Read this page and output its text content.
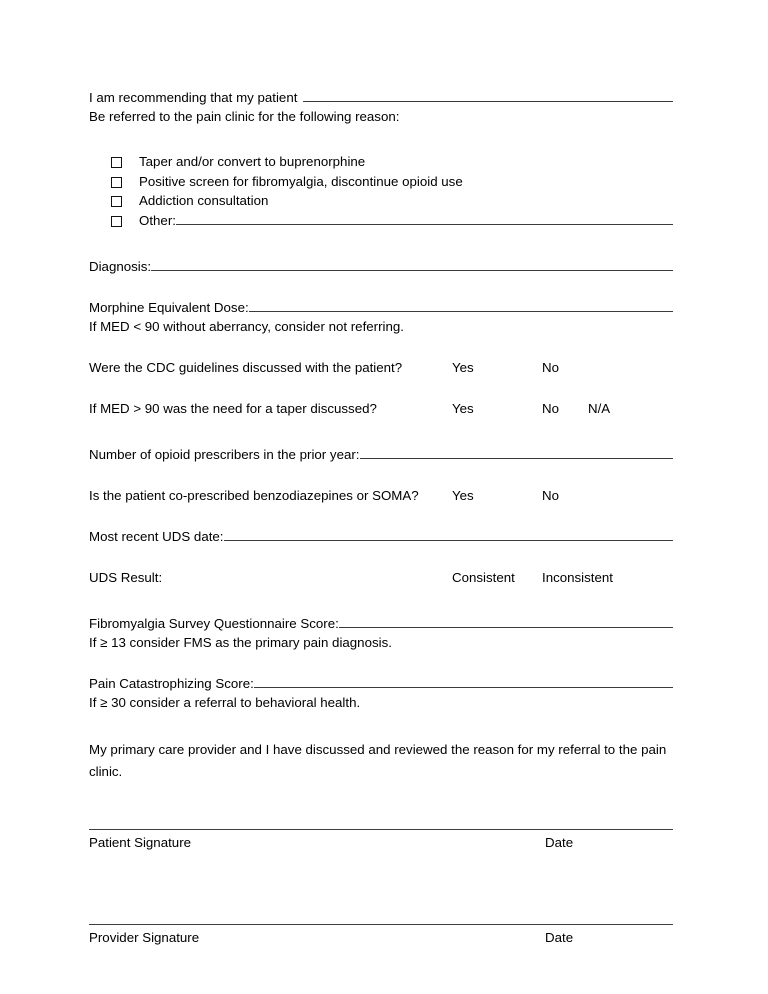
I am recommending that my patient
Be referred to the pain clinic for the following reason:
Taper and/or convert to buprenorphine
Positive screen for fibromyalgia, discontinue opioid use
Addiction consultation
Other:
Diagnosis:
Morphine Equivalent Dose:
If MED < 90 without aberrancy, consider not referring.
Were the CDC guidelines discussed with the patient?	Yes	No
If MED > 90 was the need for a taper discussed?	Yes	No N/A
Number of opioid prescribers in the prior year:
Is the patient co-prescribed benzodiazepines or SOMA?	Yes	No
Most recent UDS date:
UDS Result:	Consistent Inconsistent
Fibromyalgia Survey Questionnaire Score:
If ≥ 13 consider FMS as the primary pain diagnosis.
Pain Catastrophizing Score:
If ≥ 30 consider a referral to behavioral health.
My primary care provider and I have discussed and reviewed the reason for my referral to the pain clinic.
Patient Signature	Date
Provider Signature	Date
